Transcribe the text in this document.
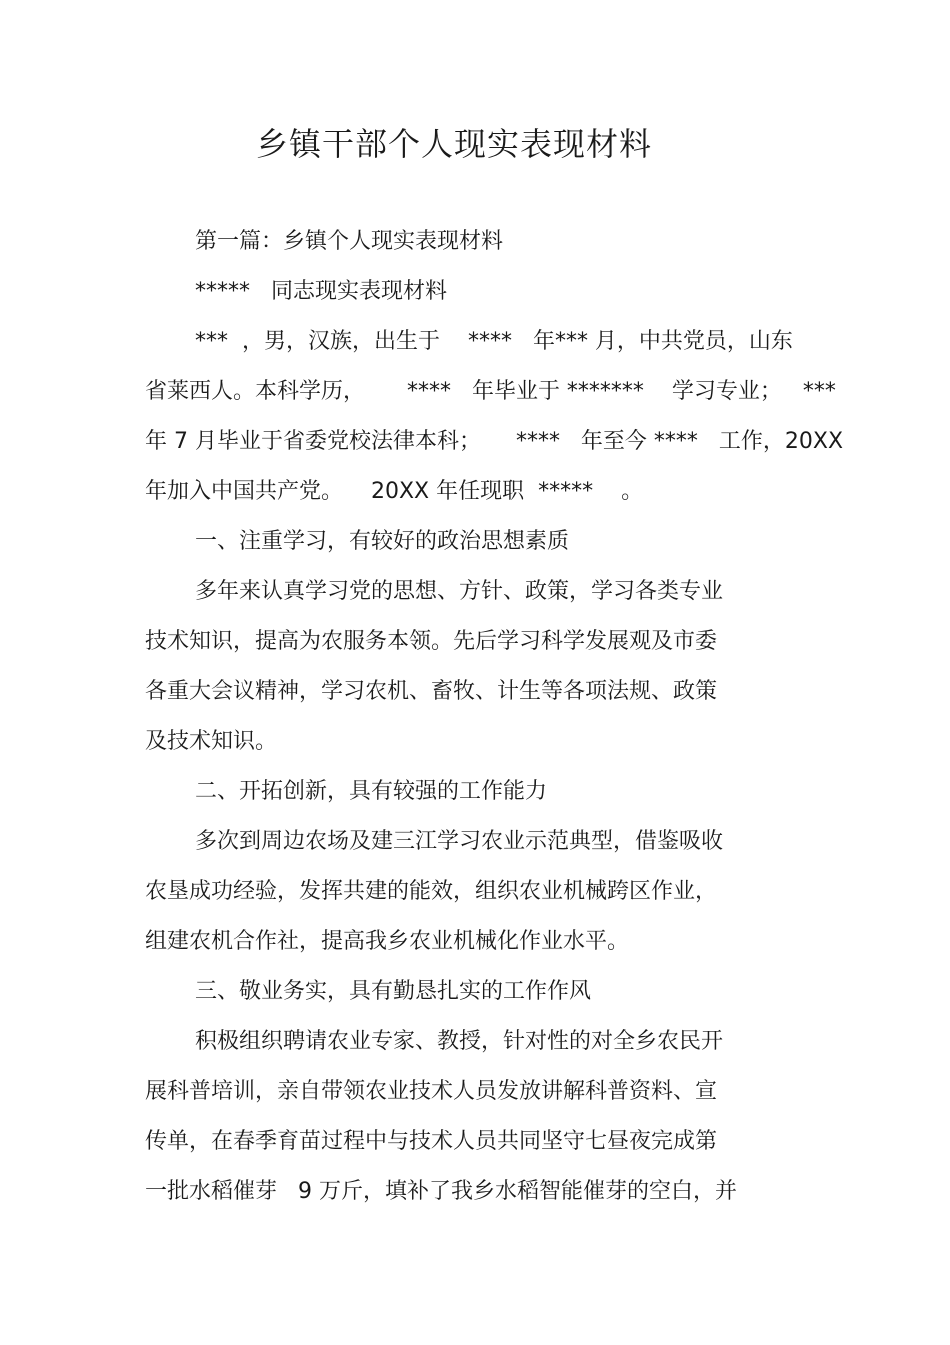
乡镇干部个人现实表现材料
第一篇：乡镇个人现实表现材料
*****   同志现实表现材料
***  ，男，汉族，出生于    ****   年*** 月，中共党员，山东
省莱西人。本科学历，      ****   年毕业于 *******    学习专业；   ***
年 7 月毕业于省委党校法律本科；     ****   年至今 ****   工作，20XX
年加入中国共产党。    20XX 年任现职  *****    。
一、注重学习，有较好的政治思想素质
多年来认真学习党的思想、方针、政策，学习各类专业
技术知识，提高为农服务本领。先后学习科学发展观及市委
各重大会议精神，学习农机、畜牧、计生等各项法规、政策
及技术知识。
二、开拓创新，具有较强的工作能力
多次到周边农场及建三江学习农业示范典型，借鉴吸收
农垦成功经验，发挥共建的能效，组织农业机械跨区作业，
组建农机合作社，提高我乡农业机械化作业水平。
三、敬业务实，具有勤恳扎实的工作作风
积极组织聘请农业专家、教授，针对性的对全乡农民开
展科普培训，亲自带领农业技术人员发放讲解科普资料、宣
传单，在春季育苗过程中与技术人员共同坚守七昼夜完成第
一批水稻催芽   9 万斤，填补了我乡水稻智能催芽的空白，并
